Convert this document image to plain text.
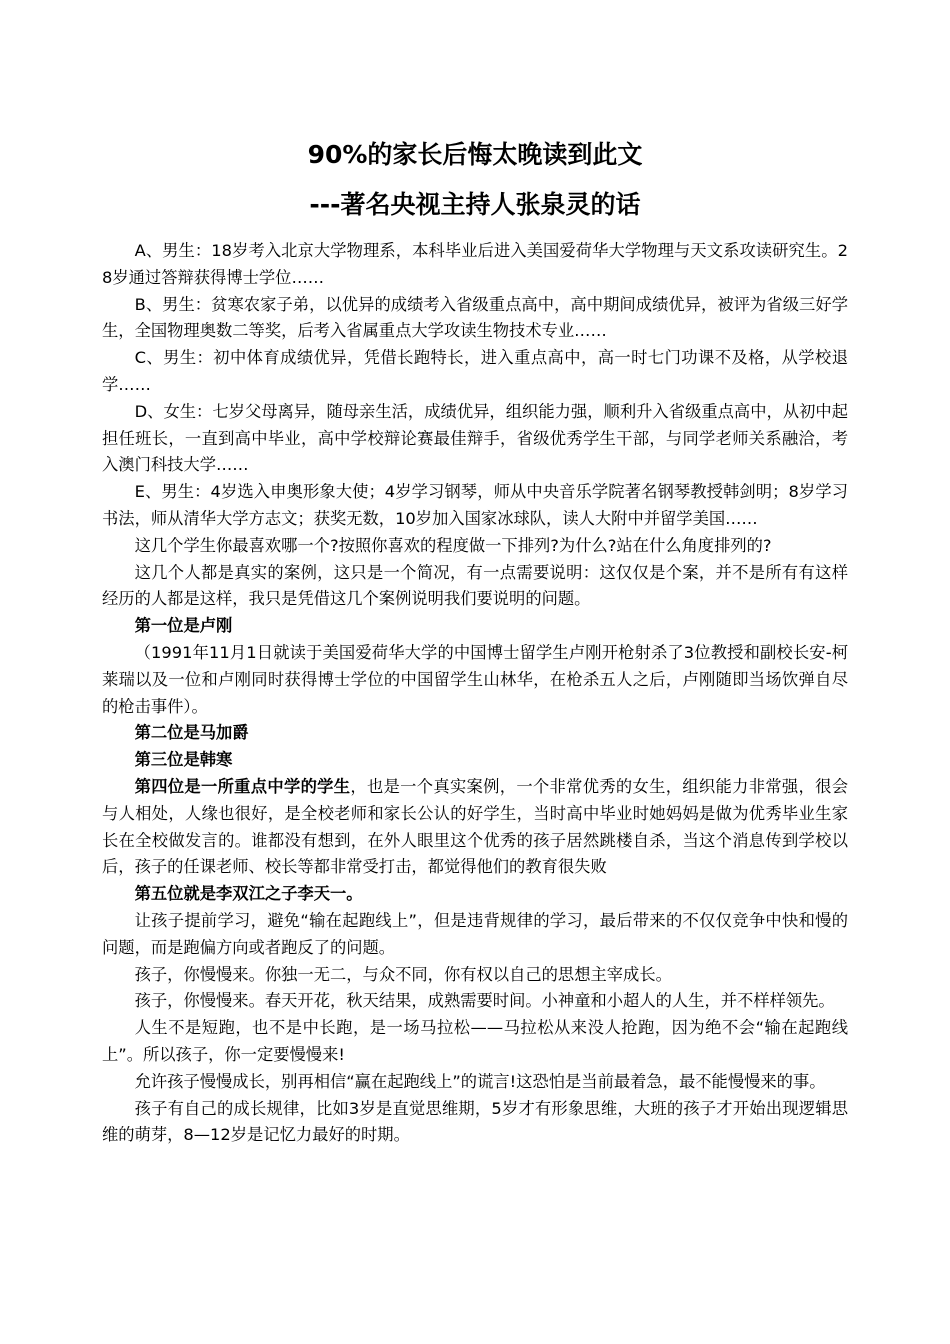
90%的家长后悔太晚读到此文
---著名央视主持人张泉灵的话

A、男生：18岁考入北京大学物理系，本科毕业后进入美国爱荷华大学物理与天文系攻读研究生。28岁通过答辩获得博士学位……

B、男生：贫寒农家子弟，以优异的成绩考入省级重点高中，高中期间成绩优异，被评为省级三好学生，全国物理奥数二等奖，后考入省属重点大学攻读生物技术专业……

C、男生：初中体育成绩优异，凭借长跑特长，进入重点高中，高一时七门功课不及格，从学校退学……

D、女生：七岁父母离异，随母亲生活，成绩优异，组织能力强，顺利升入省级重点高中，从初中起担任班长，一直到高中毕业，高中学校辩论赛最佳辩手，省级优秀学生干部，与同学老师关系融洽，考入澳门科技大学……

E、男生：4岁选入申奥形象大使；4岁学习钢琴，师从中央音乐学院著名钢琴教授韩剑明；8岁学习书法，师从清华大学方志文；获奖无数，10岁加入国家冰球队，读人大附中并留学美国……

这几个学生你最喜欢哪一个?按照你喜欢的程度做一下排列?为什么?站在什么角度排列的?

这几个人都是真实的案例，这只是一个简况，有一点需要说明：这仅仅是个案，并不是所有有这样经历的人都是这样，我只是凭借这几个案例说明我们要说明的问题。

第一位是卢刚

（1991年11月1日就读于美国爱荷华大学的中国博士留学生卢刚开枪射杀了3位教授和副校长安-柯莱瑞以及一位和卢刚同时获得博士学位的中国留学生山林华，在枪杀五人之后，卢刚随即当场饮弹自尽的枪击事件）。

第二位是马加爵

第三位是韩寒

第四位是一所重点中学的学生，也是一个真实案例，一个非常优秀的女生，组织能力非常强，很会与人相处，人缘也很好，是全校老师和家长公认的好学生，当时高中毕业时她妈妈是做为优秀毕业生家长在全校做发言的。谁都没有想到，在外人眼里这个优秀的孩子居然跳楼自杀，当这个消息传到学校以后，孩子的任课老师、校长等都非常受打击，都觉得他们的教育很失败

第五位就是李双江之子李天一。

让孩子提前学习，避免“输在起跑线上”，但是违背规律的学习，最后带来的不仅仅竞争中快和慢的问题，而是跑偏方向或者跑反了的问题。

孩子，你慢慢来。你独一无二，与众不同，你有权以自己的思想主宰成长。

孩子，你慢慢来。春天开花，秋天结果，成熟需要时间。小神童和小超人的人生，并不样样领先。

人生不是短跑，也不是中长跑，是一场马拉松——马拉松从来没人抢跑，因为绝不会“输在起跑线上”。所以孩子，你一定要慢慢来!

允许孩子慢慢成长，别再相信“赢在起跑线上”的谎言!这恐怕是当前最着急，最不能慢慢来的事。

孩子有自己的成长规律，比如3岁是直觉思维期，5岁才有形象思维，大班的孩子才开始出现逻辑思维的萌芽，8—12岁是记忆力最好的时期。
